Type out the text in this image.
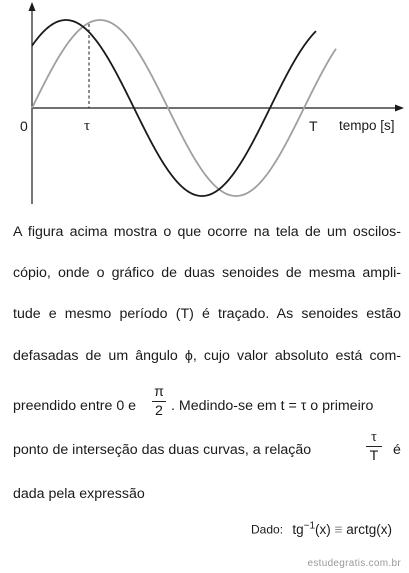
0	τ	T tempo [s]
A figura acima mostra o que ocorre na tela de um oscilos-
cópio, onde o gráfico de duas senoides de mesma ampli-
tude e mesmo período (T) é traçado. As senoides estão
defasadas de um ângulo ϕ, cujo valor absoluto está com-
preendido entre 0 e
π
2 . Medindo-se em t = τ o primeiro
ponto de interseção das duas curvas, a relação
τ
T é
dada pela expressão
Dado: $tg^{-1}(x)$ ≡ arctg(x)
estudegratis.com.br
